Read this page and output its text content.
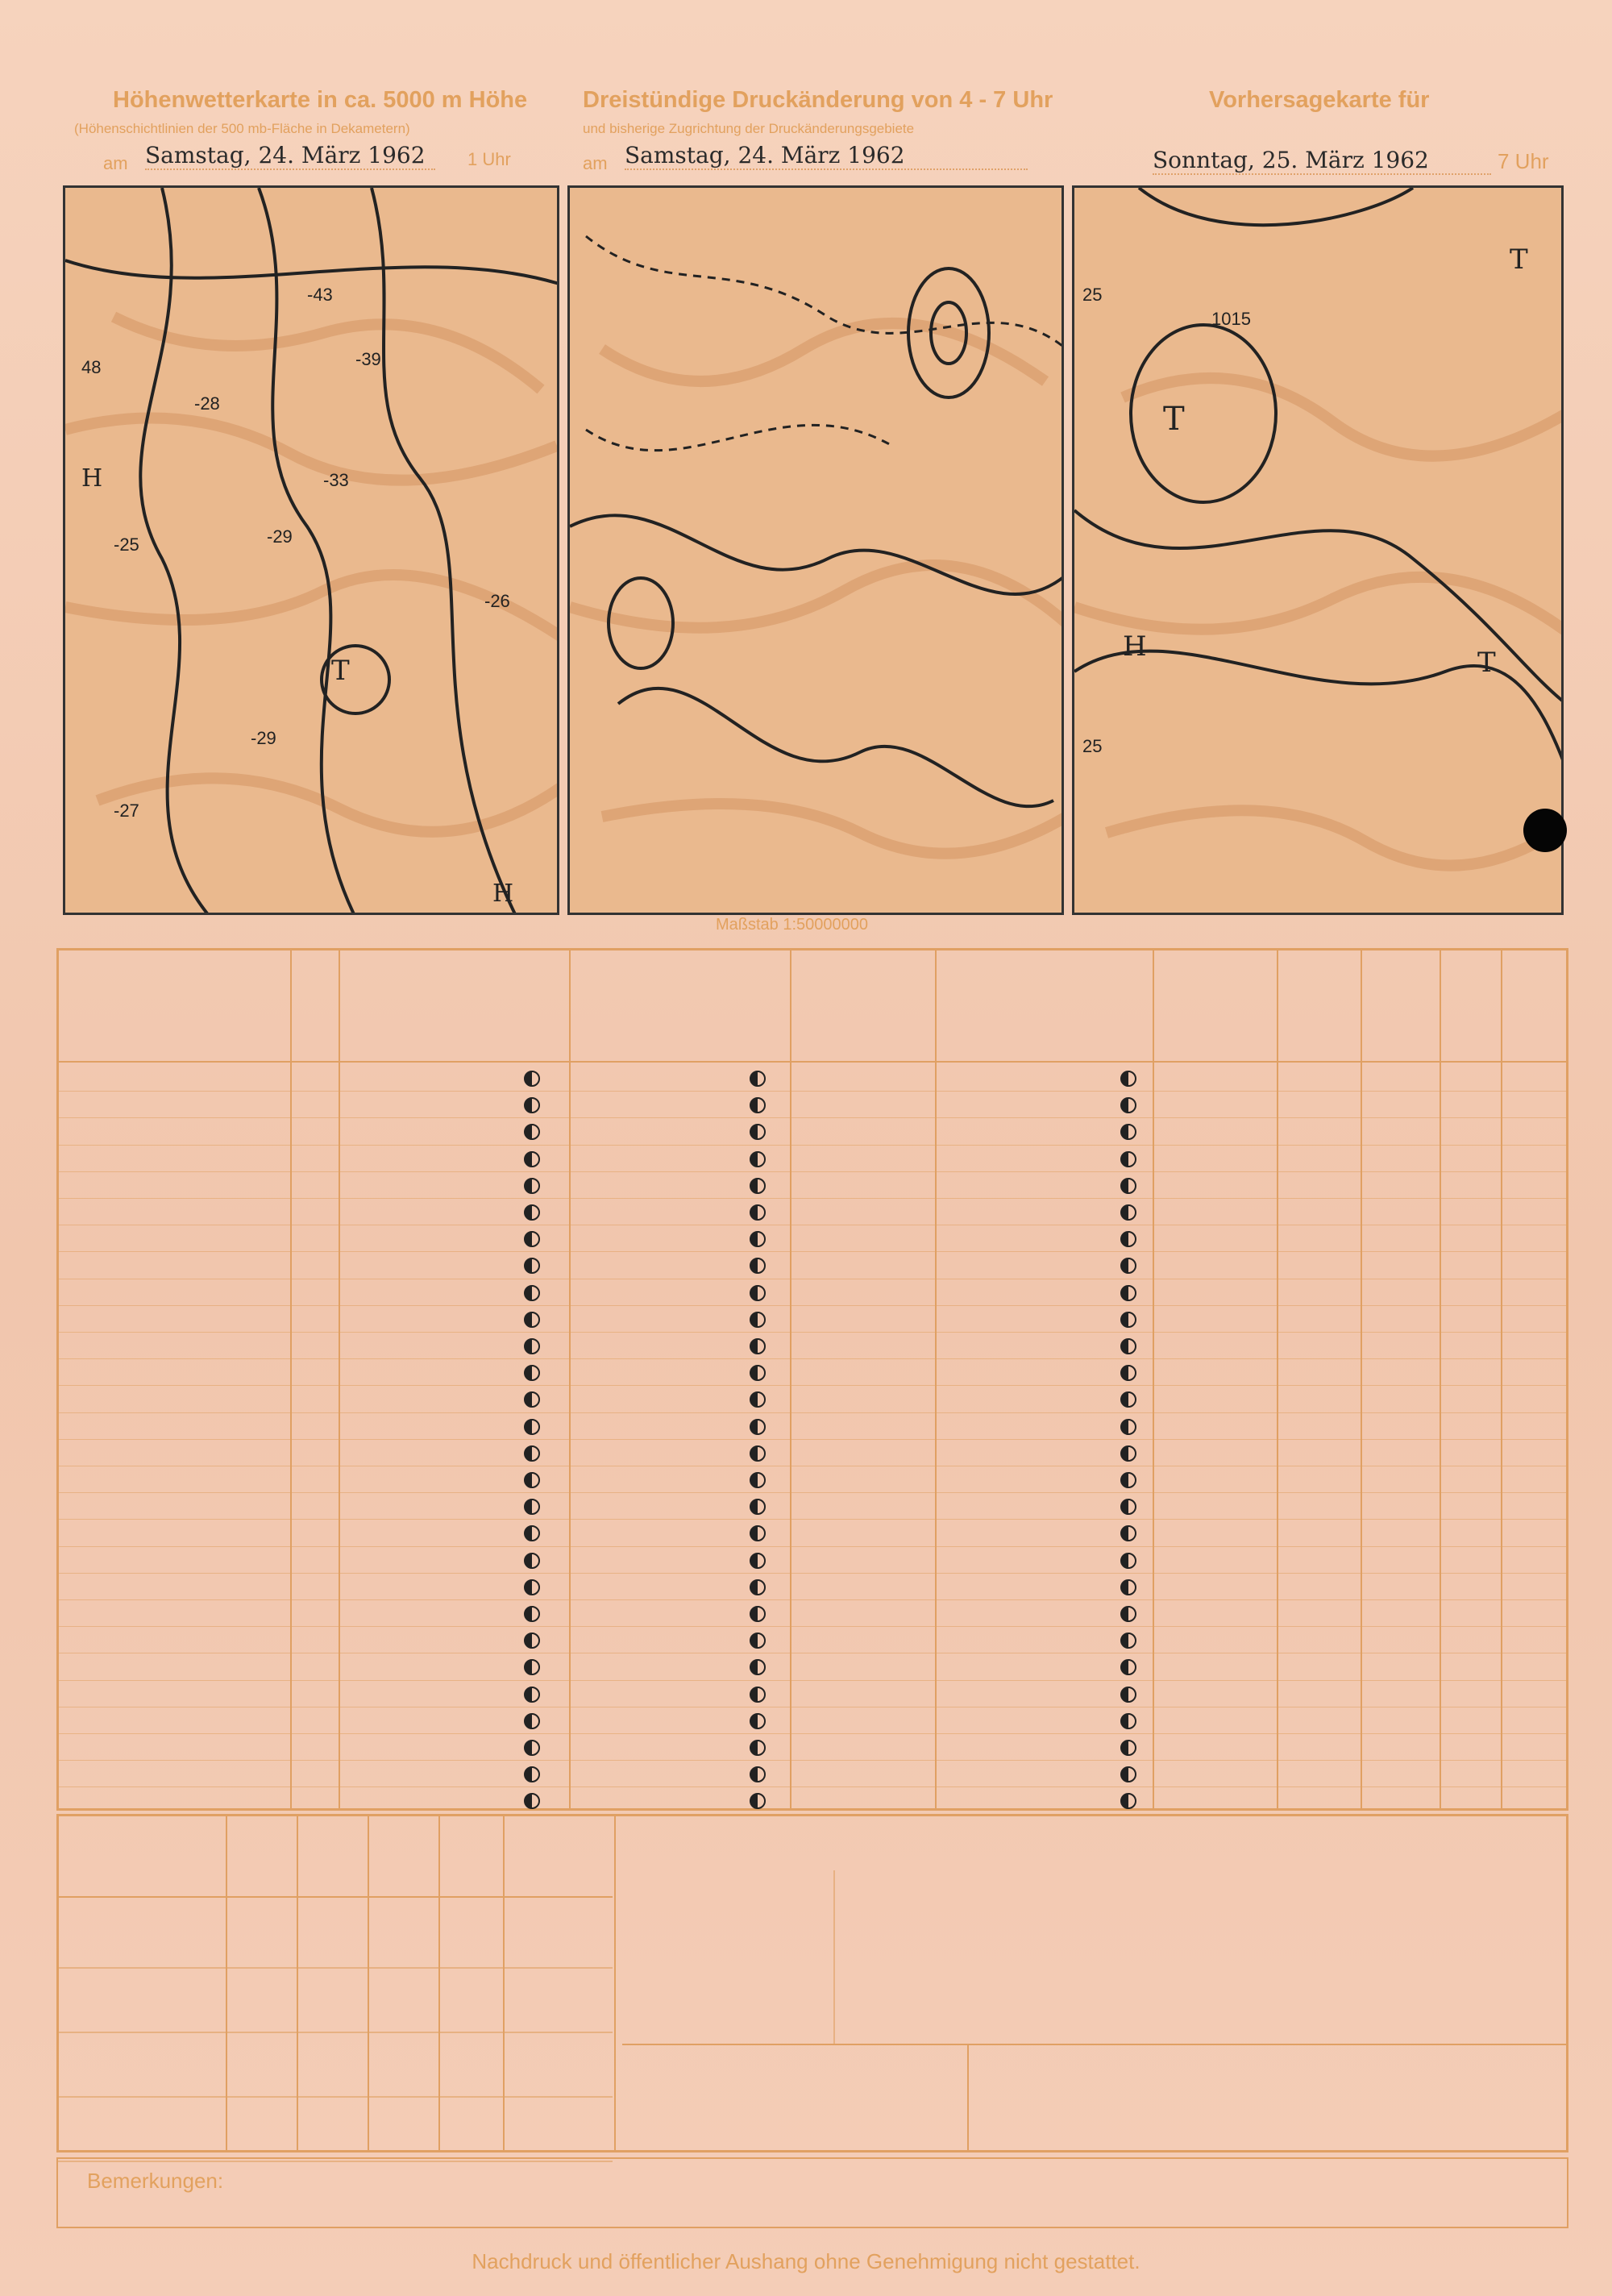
Höhenwetterkarte in ca. 5000 m Höhe
(Höhenschichtlinien der 500 mb-Fläche in Dekametern)
am Samstag, 24. März 1962	1 Uhr
Dreistündige Druckänderung von 4 - 7 Uhr
und bisherige Zugrichtung der Druckänderungsgebiete
am Samstag, 24. März 1962
Vorhersagekarte für
Sonntag, 25. März 1962	7 Uhr
T
H
H
48
-28
-43
-39
-33
-29
-25
-26
-29
-27
T
H
T
T
1015
25
25
Maßstab 1:50000000
Bemerkungen:
Nachdruck und öffentlicher Aushang ohne Genehmigung nicht gestattet.
